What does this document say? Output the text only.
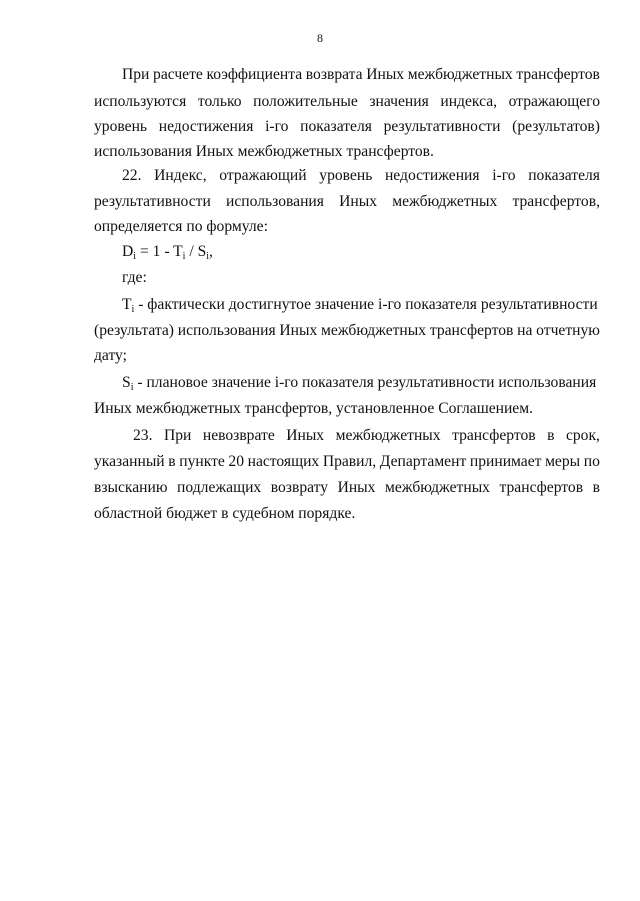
8
При расчете коэффициента возврата Иных межбюджетных трансфертов
используются только положительные значения индекса, отражающего
уровень недостижения i-го показателя результативности (результатов)
использования Иных межбюджетных трансфертов.
22. Индекс, отражающий уровень недостижения i-го показателя
результативности использования Иных межбюджетных трансфертов,
определяется по формуле:
$D_i = 1 - T_i / S_i$,
где:
$T_i$ - фактически достигнутое значение i-го показателя результативности
(результата) использования Иных межбюджетных трансфертов на отчетную
дату;
$S_i$ - плановое значение i-го показателя результативности использования
Иных межбюджетных трансфертов, установленное Соглашением.
23. При невозврате Иных межбюджетных трансфертов в срок,
указанный в пункте 20 настоящих Правил, Департамент принимает меры по
взысканию подлежащих возврату Иных межбюджетных трансфертов в
областной бюджет в судебном порядке.
